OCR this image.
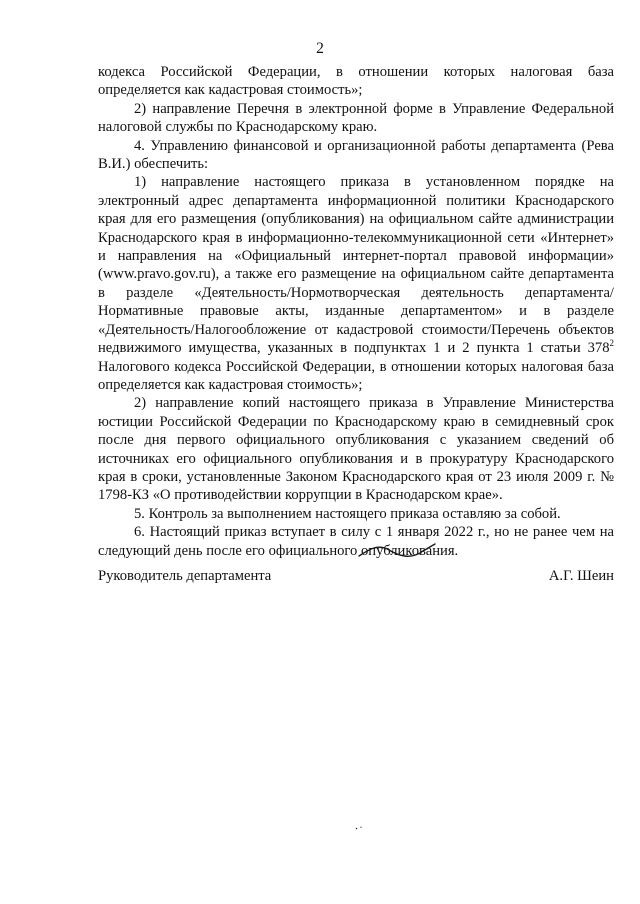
2

кодекса Российской Федерации, в отношении которых налоговая база определяется как кадастровая стоимость»;

2) направление Перечня в электронной форме в Управление Федеральной налоговой службы по Краснодарскому краю.

4. Управлению финансовой и организационной работы департамента (Рева В.И.) обеспечить:

1) направление настоящего приказа в установленном порядке на электронный адрес департамента информационной политики Краснодарского края для его размещения (опубликования) на официальном сайте администрации Краснодарского края в информационно-телекоммуникационной сети «Интернет» и направления на «Официальный интернет-портал правовой информации» (www.pravo.gov.ru), а также его размещение на официальном сайте департамента в разделе «Деятельность/Нормотворческая деятельность департамента/Нормативные правовые акты, изданные департаментом» и в разделе «Деятельность/Налогообложение от кадастровой стоимости/Перечень объектов недвижимого имущества, указанных в подпунктах 1 и 2 пункта 1 статьи $378^2$ Налогового кодекса Российской Федерации, в отношении которых налоговая база определяется как кадастровая стоимость»;

2) направление копий настоящего приказа в Управление Министерства юстиции Российской Федерации по Краснодарскому краю в семидневный срок после дня первого официального опубликования с указанием сведений об источниках его официального опубликования и в прокуратуру Краснодарского края в сроки, установленные Законом Краснодарского края от 23 июля 2009 г. № 1798-КЗ «О противодействии коррупции в Краснодарском крае».

5. Контроль за выполнением настоящего приказа оставляю за собой.

6. Настоящий приказ вступает в силу с 1 января 2022 г., но не ранее чем на следующий день после его официального опубли
кования.

Руководитель департамента	А.Г. Шеин
